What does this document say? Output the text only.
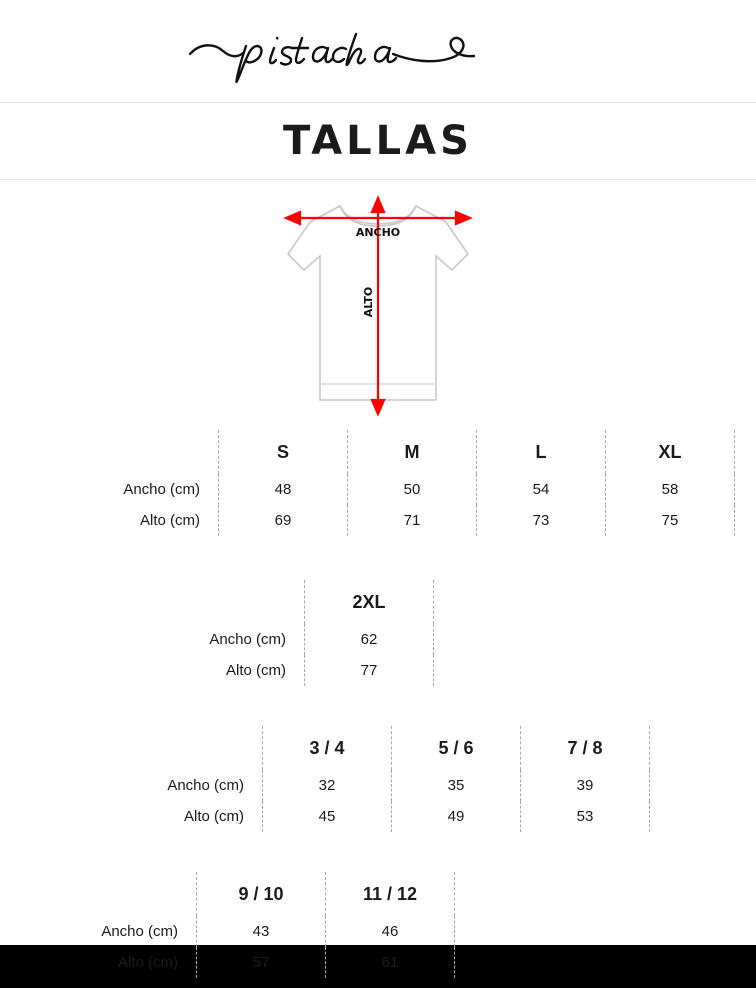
TALLAS
ANCHO
ALTO
	S	M	L	XL	
Ancho (cm)	48	50	54	58	
Alto (cm)	69	71	73	75	
	2XL	
Ancho (cm)	62	
Alto (cm)	77	
	3 / 4	5 / 6	7 / 8	
Ancho (cm)	32	35	39	
Alto (cm)	45	49	53	
	9 / 10	11 / 12	
Ancho (cm)	43	46	
Alto (cm)	57	61	
